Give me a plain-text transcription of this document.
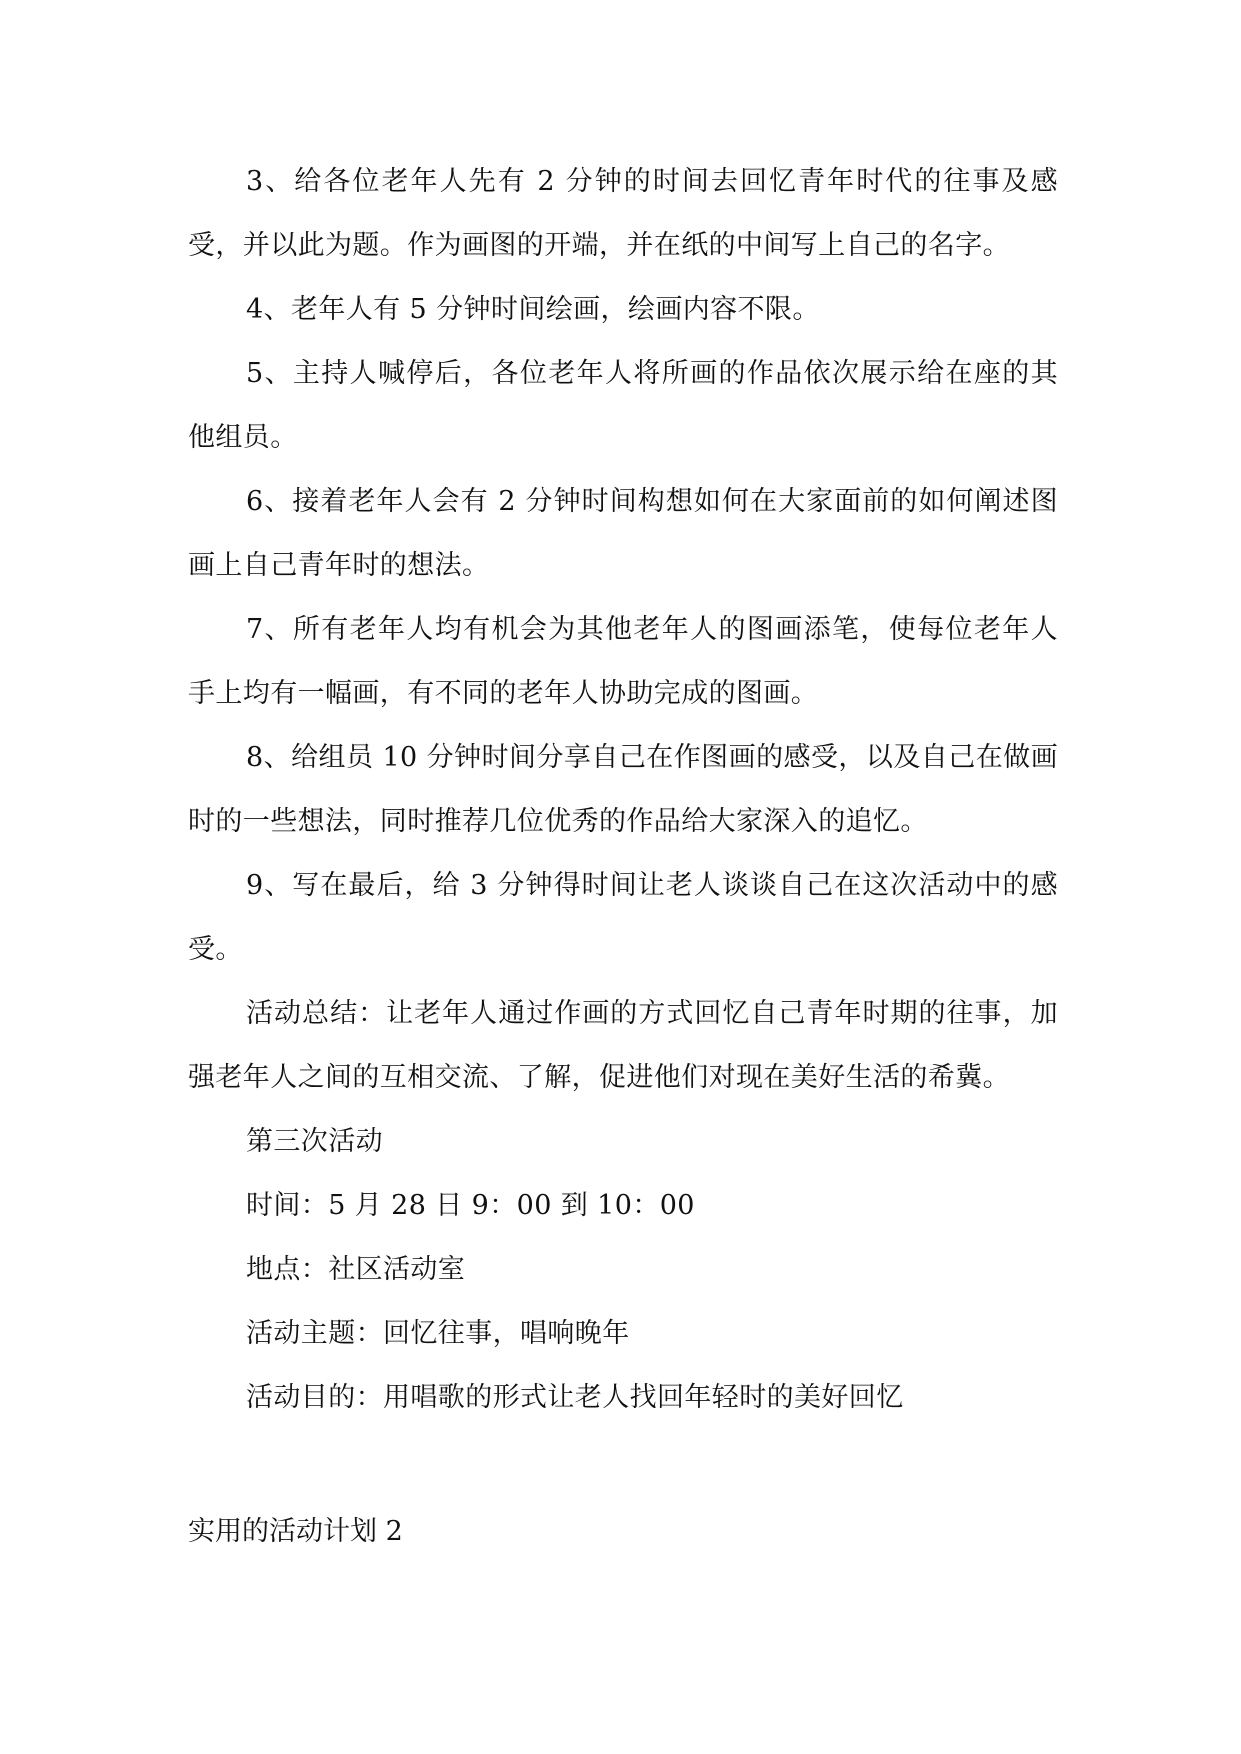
3、给各位老年人先有 2 分钟的时间去回忆青年时代的往事及感受，并以此为题。作为画图的开端，并在纸的中间写上自己的名字。

4、老年人有 5 分钟时间绘画，绘画内容不限。

5、主持人喊停后，各位老年人将所画的作品依次展示给在座的其他组员。

6、接着老年人会有 2 分钟时间构想如何在大家面前的如何阐述图画上自己青年时的想法。

7、所有老年人均有机会为其他老年人的图画添笔，使每位老年人手上均有一幅画，有不同的老年人协助完成的图画。

8、给组员 10 分钟时间分享自己在作图画的感受，以及自己在做画时的一些想法，同时推荐几位优秀的作品给大家深入的追忆。

9、写在最后，给 3 分钟得时间让老人谈谈自己在这次活动中的感受。

活动总结：让老年人通过作画的方式回忆自己青年时期的往事，加强老年人之间的互相交流、了解，促进他们对现在美好生活的希冀。

第三次活动

时间：5 月 28 日 9：00 到 10：00

地点：社区活动室

活动主题：回忆往事，唱响晚年

活动目的：用唱歌的形式让老人找回年轻时的美好回忆

实用的活动计划 2
